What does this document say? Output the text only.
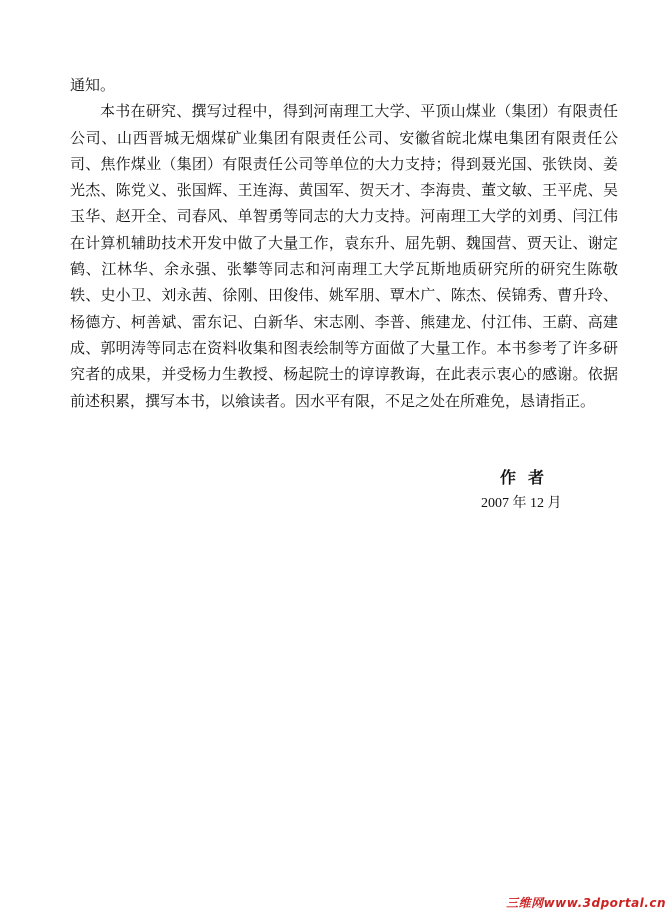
通知。

本书在研究、撰写过程中，得到河南理工大学、平顶山煤业（集团）有限责任公司、山西晋城无烟煤矿业集团有限责任公司、安徽省皖北煤电集团有限责任公司、焦作煤业（集团）有限责任公司等单位的大力支持；得到聂光国、张铁岗、姜光杰、陈党义、张国辉、王连海、黄国军、贺天才、李海贵、董文敏、王平虎、吴玉华、赵开全、司春风、单智勇等同志的大力支持。河南理工大学的刘勇、闫江伟在计算机辅助技术开发中做了大量工作，袁东升、屈先朝、魏国营、贾天让、谢定鹤、江林华、余永强、张攀等同志和河南理工大学瓦斯地质研究所的研究生陈敬轶、史小卫、刘永茜、徐刚、田俊伟、姚军朋、覃木广、陈杰、侯锦秀、曹升玲、杨德方、柯善斌、雷东记、白新华、宋志刚、李普、熊建龙、付江伟、王蔚、高建成、郭明涛等同志在资料收集和图表绘制等方面做了大量工作。本书参考了许多研究者的成果，并受杨力生教授、杨起院士的谆谆教诲，在此表示衷心的感谢。依据前述积累，撰写本书，以飨读者。因水平有限，不足之处在所难免，恳请指正。

作者
2007 年 12 月
三维网www.3dportal.cn
